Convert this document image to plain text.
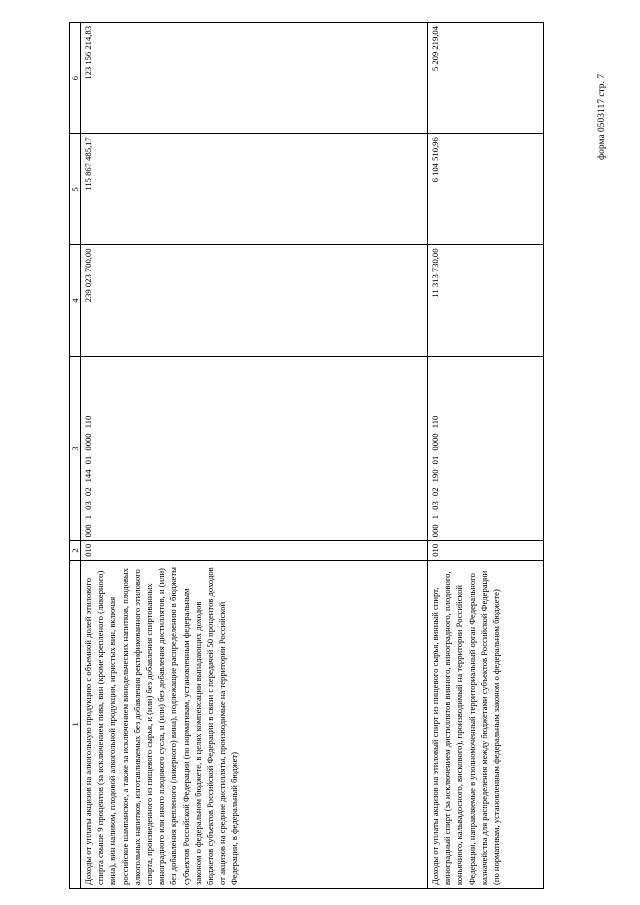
форма 0503117 стр. 7
1	2	3	4	5	6
Доходы от уплаты акцизов на алкогольную продукцию с объемной долей этилового спирта свыше 9 процентов (за исключением пива, вин (кроме крепленого (ликерного) вина), вин наливом, плодовой алкогольной продукции, игристых вин, включая российское шампанское, а также за исключением винодельческих напитков, плодовых алкогольных напитков, изготавливаемых без добавления ректификованного этилового спирта, произведенного из пищевого сырья, и (или) без добавления спиртованных виноградного или иного плодового сусла, и (или) без добавления дистиллятов, и (или) без добавления крепленого (ликерного) вина), подлежащие распределению в бюджеты субъектов Российской Федерации (по нормативам, установленным федеральным законом о федеральном бюджете, в целях компенсации выпадающих доходов бюджетов субъектов Российской Федерации в связи с передачей 50 процентов доходов от акцизов на средние дистилляты, производимые на территории Российской Федерации, в федеральный бюджет)	010	000 1 03 02 144 01 0000 110	239 023 700,00	115 867 485,17	123 156 214,83
Доходы от уплаты акцизов на этиловый спирт из пищевого сырья, винный спирт, виноградный спирт (за исключением дистиллятов винного, виноградного, плодового, коньячного, кальвадосного, вискового), производимый на территории Российской Федерации, направляемые в уполномоченный территориальный орган Федерального казначейства для распределения между бюджетами субъектов Российской Федерации (по нормативам, установленным федеральным законом о федеральном бюджете)	010	000 1 03 02 190 01 0000 110	11 313 730,00	6 104 510,96	5 209 219,04
